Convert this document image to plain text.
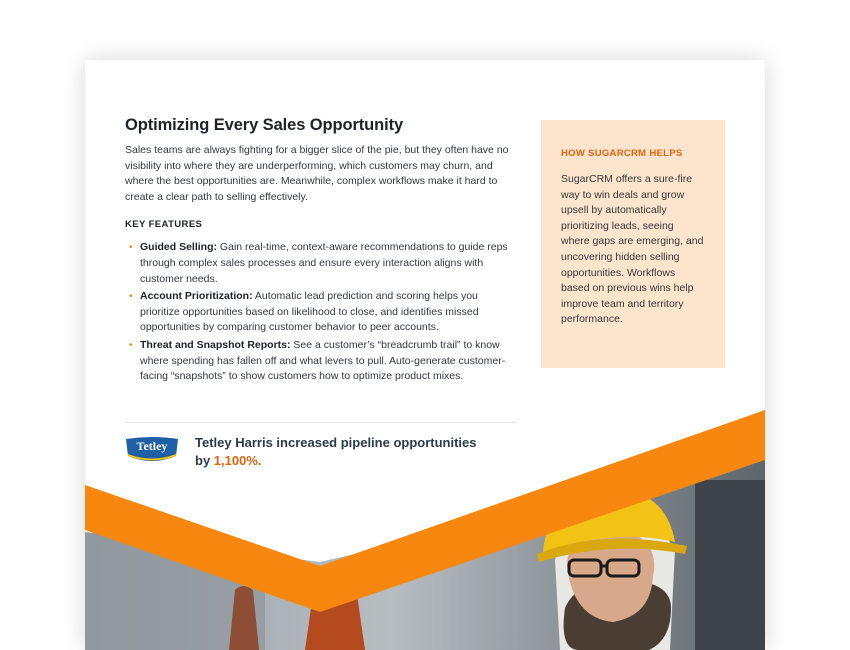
Optimizing Every Sales Opportunity

Sales teams are always fighting for a bigger slice of the pie, but they often have no visibility into where they are underperforming, which customers may churn, and where the best opportunities are. Meanwhile, complex workflows make it hard to create a clear path to selling effectively.

KEY FEATURES
• Guided Selling: Gain real-time, context-aware recommendations to guide reps through complex sales processes and ensure every interaction aligns with customer needs.
• Account Prioritization: Automatic lead prediction and scoring helps you prioritize opportunities based on likelihood to close, and identifies missed opportunities by comparing customer behavior to peer accounts.
• Threat and Snapshot Reports: See a customer’s “breadcrumb trail” to know where spending has fallen off and what levers to pull. Auto-generate customer-facing “snapshots” to show customers how to optimize product mixes.
Tetley Tetley Harris increased pipeline opportunities by 1,100%.
HOW SUGARCRM HELPS

SugarCRM offers a sure-fire way to win deals and grow upsell by automatically prioritizing leads, seeing where gaps are emerging, and uncovering hidden selling opportunities. Workflows based on previous wins help improve team and territory performance.
